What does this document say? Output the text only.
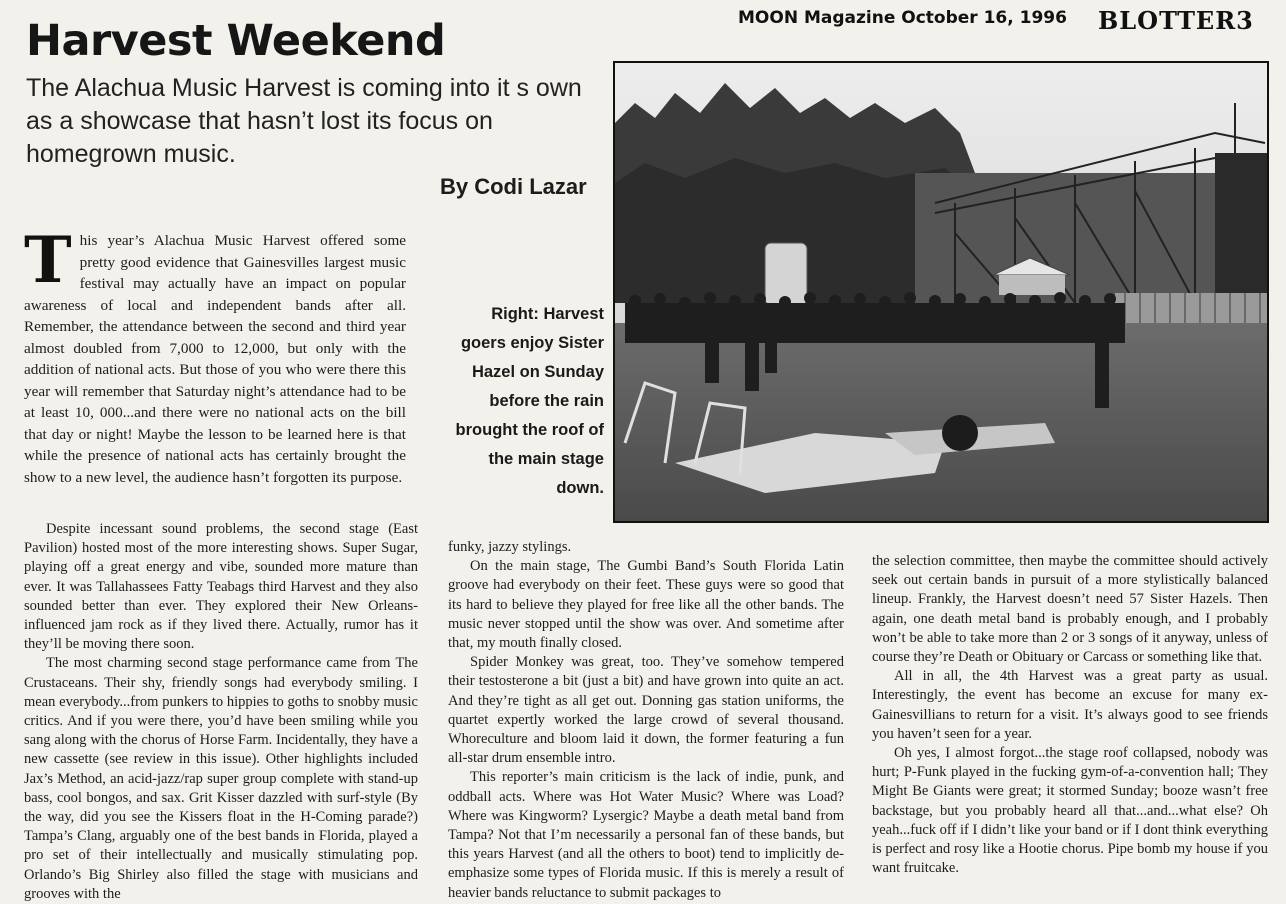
MOON Magazine October 16, 1996 BLOTTER3
Harvest Weekend
The Alachua Music Harvest is coming into it s own as a showcase that hasn’t lost its focus on homegrown music.
By Codi Lazar
Right: Harvest goers enjoy Sister Hazel on Sunday before the rain brought the roof of the main stage down.
T his year’s Alachua Music Harvest offered some pretty good evidence that Gainesvilles largest music festival may actually have an impact on popular awareness of local and independent bands after all. Remember, the attendance between the second and third year almost doubled from 7,000 to 12,000, but only with the addition of national acts. But those of you who were there this year will remember that Saturday night’s attendance had to be at least 10, 000...and there were no national acts on the bill that day or night! Maybe the lesson to be learned here is that while the presence of national acts has certainly brought the show to a new level, the audience hasn’t forgotten its purpose.

Despite incessant sound problems, the second stage (East Pavilion) hosted most of the more interesting shows. Super Sugar, playing off a great energy and vibe, sounded more mature than ever. It was Tallahassees Fatty Teabags third Harvest and they also sounded better than ever. They explored their New Orleans-influenced jam rock as if they lived there. Actually, rumor has it they’ll be moving there soon.

The most charming second stage performance came from The Crustaceans. Their shy, friendly songs had everybody smiling. I mean everybody...from punkers to hippies to goths to snobby music critics. And if you were there, you’d have been smiling while you sang along with the chorus of Horse Farm. Incidentally, they have a new cassette (see review in this issue). Other highlights included Jax’s Method, an acid-jazz/rap super group complete with stand-up bass, cool bongos, and sax. Grit Kisser dazzled with surf-style (By the way, did you see the Kissers float in the H-Coming parade?) Tampa’s Clang, arguably one of the best bands in Florida, played a pro set of their intellectually and musically stimulating pop. Orlando’s Big Shirley also filled the stage with musicians and grooves with the

funky, jazzy stylings.

On the main stage, The Gumbi Band’s South Florida Latin groove had everybody on their feet. These guys were so good that its hard to believe they played for free like all the other bands. The music never stopped until the show was over. And sometime after that, my mouth finally closed.

Spider Monkey was great, too. They’ve somehow tempered their testosterone a bit (just a bit) and have grown into quite an act. And they’re tight as all get out. Donning gas station uniforms, the quartet expertly worked the large crowd of several thousand. Whoreculture and bloom laid it down, the former featuring a fun all-star drum ensemble intro.

This reporter’s main criticism is the lack of indie, punk, and oddball acts. Where was Hot Water Music? Where was Load? Where was Kingworm? Lysergic? Maybe a death metal band from Tampa? Not that I’m necessarily a personal fan of these bands, but this years Harvest (and all the others to boot) tend to implicitly de-emphasize some types of Florida music. If this is merely a result of heavier bands reluctance to submit packages to

the selection committee, then maybe the committee should actively seek out certain bands in pursuit of a more stylistically balanced lineup. Frankly, the Harvest doesn’t need 57 Sister Hazels. Then again, one death metal band is probably enough, and I probably won’t be able to take more than 2 or 3 songs of it anyway, unless of course they’re Death or Obituary or Carcass or something like that.

All in all, the 4th Harvest was a great party as usual. Interestingly, the event has become an excuse for many ex-Gainesvillians to return for a visit. It’s always good to see friends you haven’t seen for a year.

Oh yes, I almost forgot...the stage roof collapsed, nobody was hurt; P-Funk played in the fucking gym-of-a-convention hall; They Might Be Giants were great; it stormed Sunday; booze wasn’t free backstage, but you probably heard all that...and...what else? Oh yeah...fuck off if I didn’t like your band or if I dont think everything is perfect and rosy like a Hootie chorus. Pipe bomb my house if you want fruitcake.
